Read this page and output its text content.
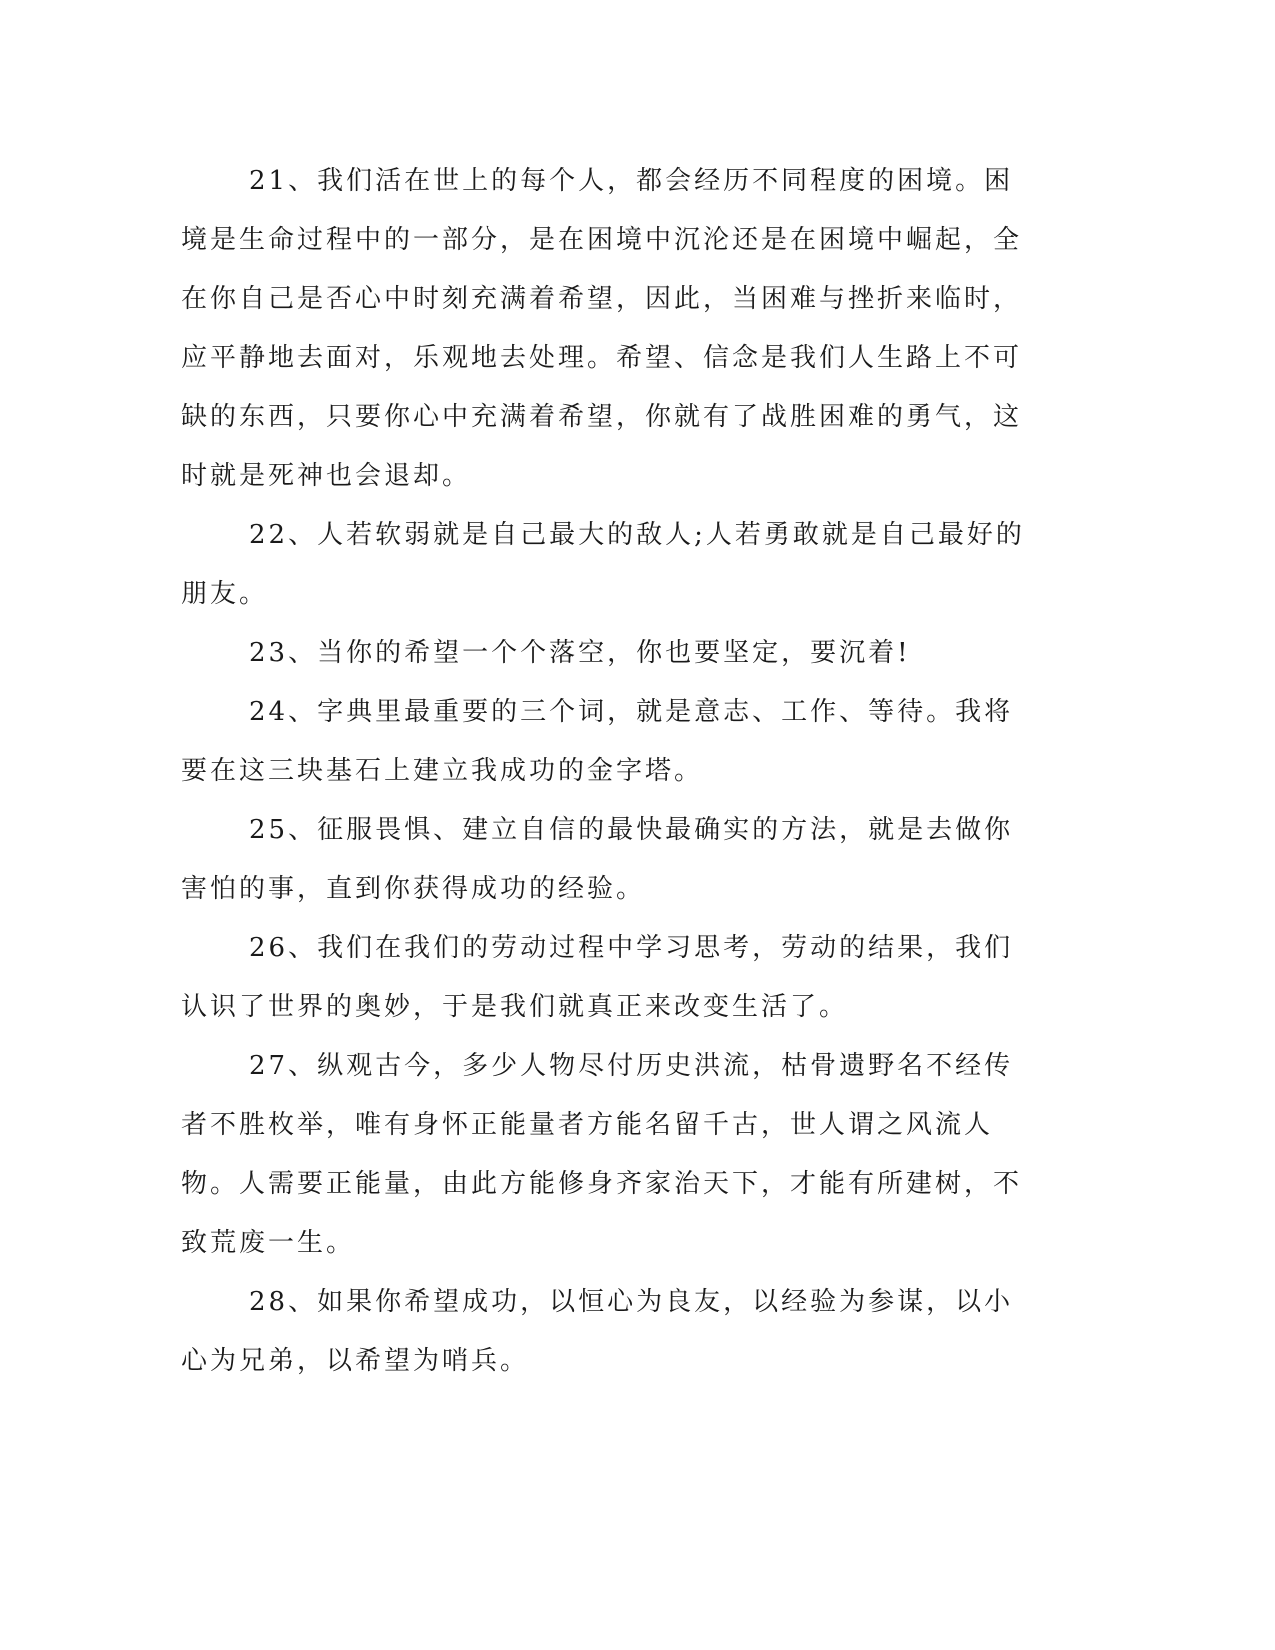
21、我们活在世上的每个人，都会经历不同程度的困境。困境是生命过程中的一部分，是在困境中沉沦还是在困境中崛起，全在你自己是否心中时刻充满着希望，因此，当困难与挫折来临时，应平静地去面对，乐观地去处理。希望、信念是我们人生路上不可缺的东西，只要你心中充满着希望，你就有了战胜困难的勇气，这时就是死神也会退却。

22、人若软弱就是自己最大的敌人;人若勇敢就是自己最好的朋友。

23、当你的希望一个个落空，你也要坚定，要沉着!

24、字典里最重要的三个词，就是意志、工作、等待。我将要在这三块基石上建立我成功的金字塔。

25、征服畏惧、建立自信的最快最确实的方法，就是去做你害怕的事，直到你获得成功的经验。

26、我们在我们的劳动过程中学习思考，劳动的结果，我们认识了世界的奥妙，于是我们就真正来改变生活了。

27、纵观古今，多少人物尽付历史洪流，枯骨遗野名不经传者不胜枚举，唯有身怀正能量者方能名留千古，世人谓之风流人物。人需要正能量，由此方能修身齐家治天下，才能有所建树，不致荒废一生。

28、如果你希望成功，以恒心为良友，以经验为参谋，以小心为兄弟，以希望为哨兵。
